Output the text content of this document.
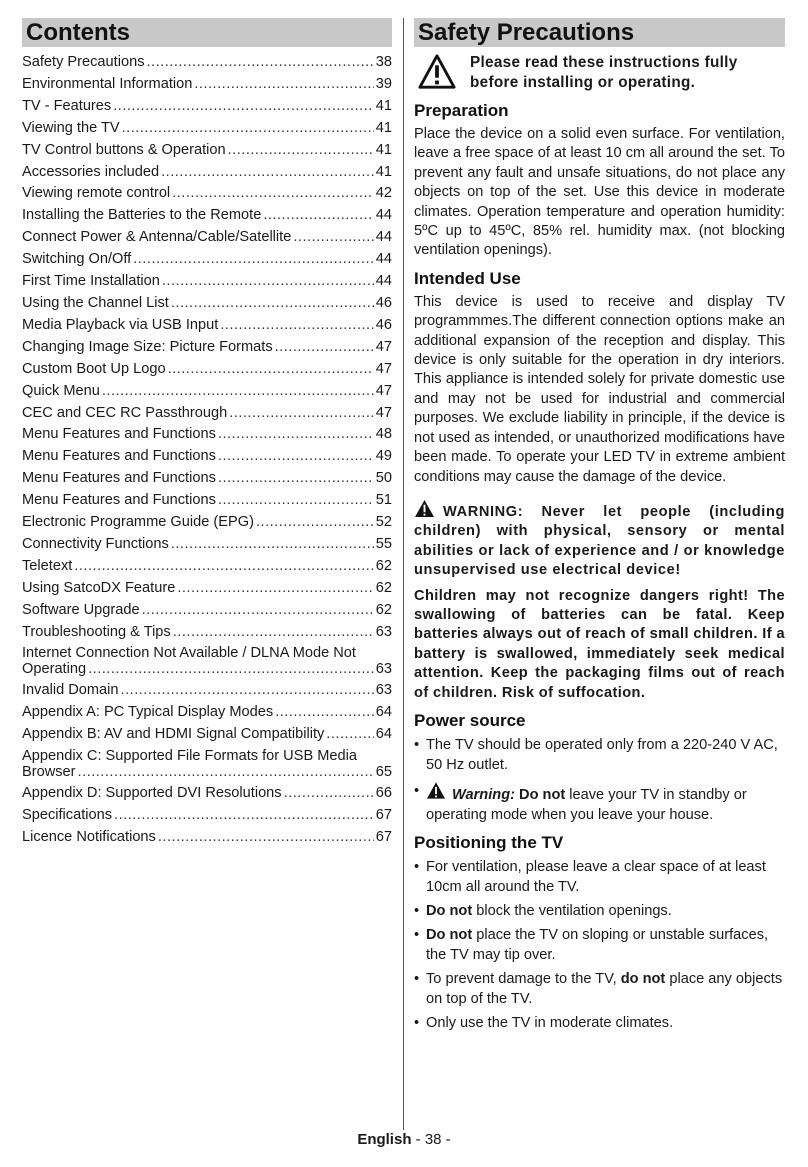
Contents
Safety Precautions .....	38
Environmental Information .....	39
TV - Features .....	41
Viewing the TV .....	41
TV Control buttons & Operation .....	41
Accessories included .....	41
Viewing remote control .....	42
Installing the Batteries to the Remote .....	44
Connect Power & Antenna/Cable/Satellite .....	44
Switching On/Off .....	44
First Time Installation .....	44
Using the Channel List .....	46
Media Playback via USB Input .....	46
Changing Image Size: Picture Formats .....	47
Custom Boot Up Logo .....	47
Quick Menu .....	47
CEC and CEC RC Passthrough .....	47
Menu Features and Functions .....	48
Menu Features and Functions .....	49
Menu Features and Functions .....	50
Menu Features and Functions .....	51
Electronic Programme Guide (EPG) .....	52
Connectivity Functions .....	55
Teletext .....	62
Using SatcoDX Feature .....	62
Software Upgrade .....	62
Troubleshooting & Tips .....	63
Internet Connection Not Available / DLNA Mode Not
Operating .....	63
Invalid Domain .....	63
Appendix A: PC Typical Display Modes .....	64
Appendix B: AV and HDMI Signal Compatibility .....	64
Appendix C: Supported File Formats for USB Media
Browser .....	65
Appendix D: Supported DVI Resolutions .....	66
Specifications .....	67
Licence Notifications .....	67
Safety Precautions
Please read these instructions fully before installing or operating.
Preparation

Place the device on a solid even surface. For ventilation, leave a free space of at least 10 cm all around the set. To prevent any fault and unsafe situations, do not place any objects on top of the set. Use this device in moderate climates. Operation temperature and operation humidity: 5ºC up to 45ºC, 85% rel. humidity max. (not blocking ventilation openings).

Intended Use

This device is used to receive and display TV programmmes.The different connection options make an additional expansion of the reception and display. This device is only suitable for the operation in dry interiors. This appliance is intended solely for private domestic use and may not be used for industrial and commercial purposes. We exclude liability in principle, if the device is not used as intended, or unauthorized modifications have been made. To operate your LED TV in extreme ambient conditions may cause the damage of the device.

WARNING: Never let people (including children) with physical, sensory or mental abilities or lack of experience and / or knowledge unsupervised use electrical device!

Children may not recognize dangers right! The swallowing of batteries can be fatal. Keep batteries always out of reach of small children. If a battery is swallowed, immediately seek medical attention. Keep the packaging films out of reach of children. Risk of suffocation.

Power source
• The TV should be operated only from a 220-240 V AC, 50 Hz outlet.
• Warning: Do not leave your TV in standby or operating mode when you leave your house.
Positioning the TV
• For ventilation, please leave a clear space of at least 10cm all around the TV.
• Do not block the ventilation openings.
• Do not place the TV on sloping or unstable surfaces, the TV may tip over.
• To prevent damage to the TV, do not place any objects on top of the TV.
• Only use the TV in moderate climates.
English - 38 -
